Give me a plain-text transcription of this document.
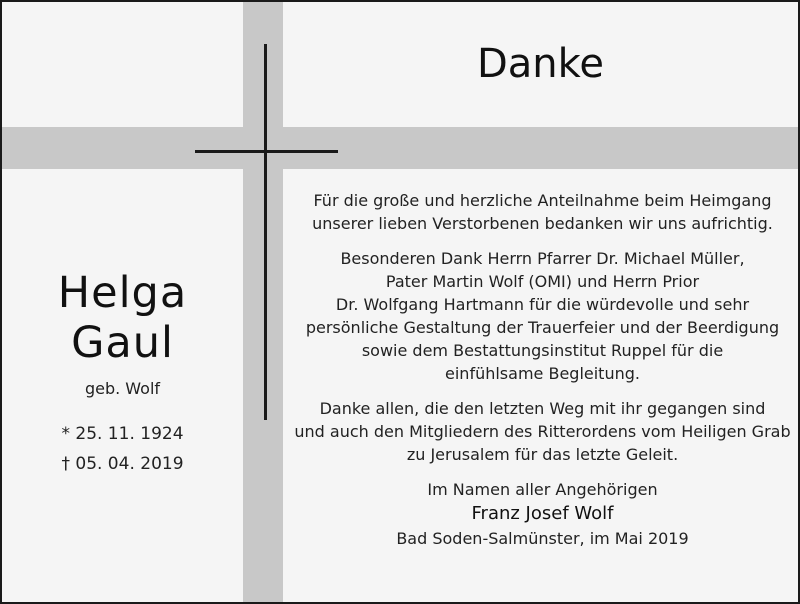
Danke
Helga
Gaul
geb. Wolf
* 25. 11. 1924
† 05. 04. 2019

Für die große und herzliche Anteilnahme beim Heimgang

unserer lieben Verstorbenen bedanken wir uns aufrichtig.

Besonderen Dank Herrn Pfarrer Dr. Michael Müller,

Pater Martin Wolf (OMI) und Herrn Prior

Dr. Wolfgang Hartmann für die würdevolle und sehr

persönliche Gestaltung der Trauerfeier und der Beerdigung

sowie dem Bestattungsinstitut Ruppel für die

einfühlsame Begleitung.

Danke allen, die den letzten Weg mit ihr gegangen sind

und auch den Mitgliedern des Ritterordens vom Heiligen Grab

zu Jerusalem für das letzte Geleit.

Im Namen aller Angehörigen

Franz Josef Wolf

Bad Soden-Salmünster, im Mai 2019
